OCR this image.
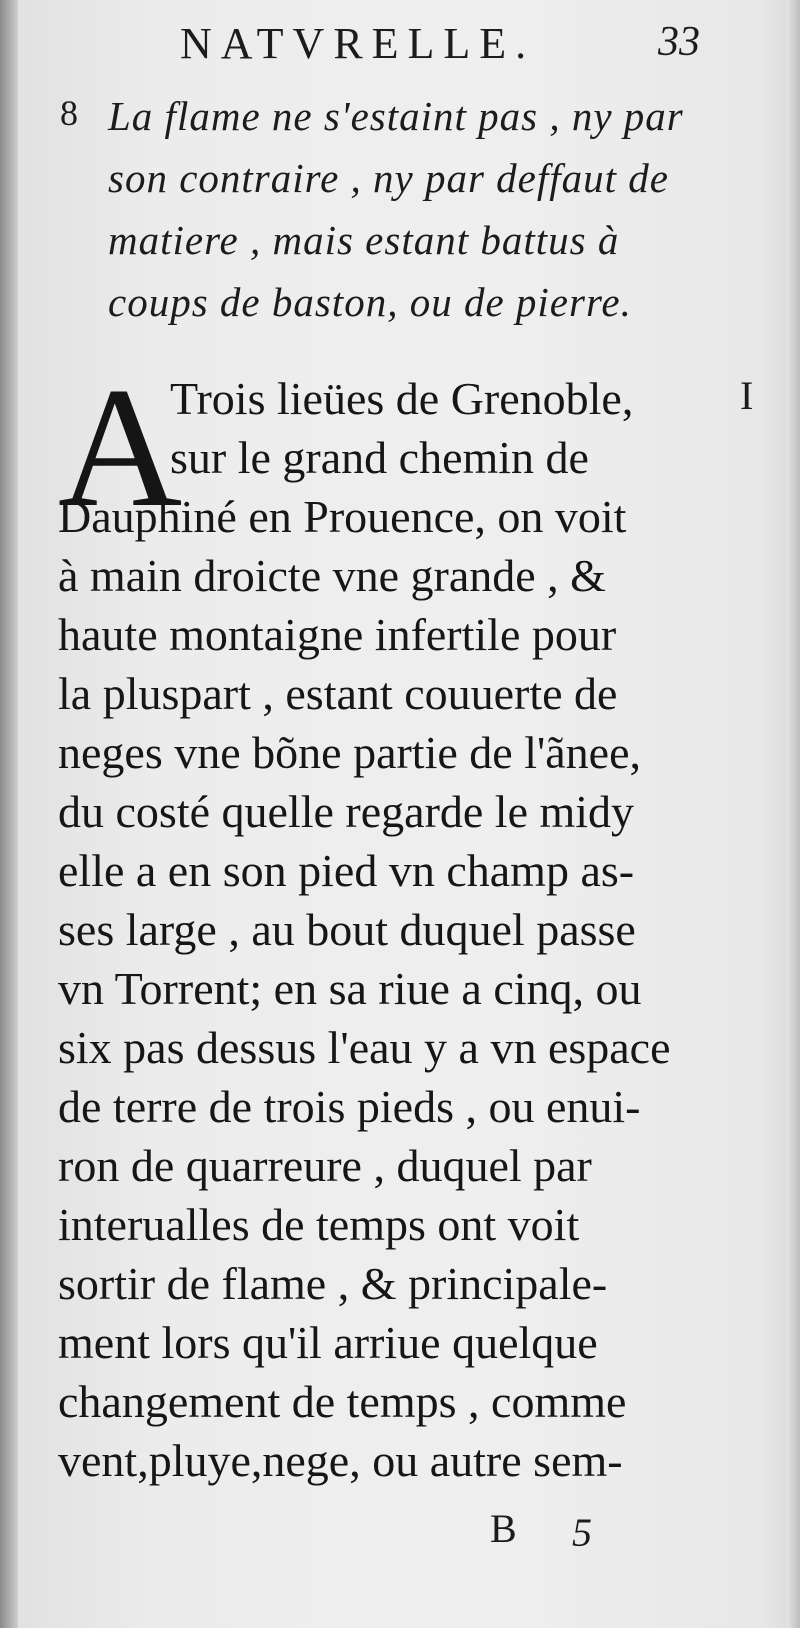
NATVRELLE.	33
8 La flame ne s'estaint pas , ny par
son contraire , ny par deffaut de
matiere , mais estant battus à
coups de baston, ou de pierre.
I
A
Trois lieües de Grenoble,
sur le grand chemin de
Dauphiné en Prouence, on voit
à main droicte vne grande , &
haute montaigne infertile pour
la pluspart , estant couuerte de
neges vne bõne partie de l'ãnee,
du costé quelle regarde le midy
elle a en son pied vn champ as-
ses large , au bout duquel passe
vn Torrent; en sa riue a cinq, ou
six pas dessus l'eau y a vn espace
de terre de trois pieds , ou enui-
ron de quarreure , duquel par
interualles de temps ont voit
sortir de flame , & principale-
ment lors qu'il arriue quelque
changement de temps , comme
vent,pluye,nege, ou autre sem-
B 5
